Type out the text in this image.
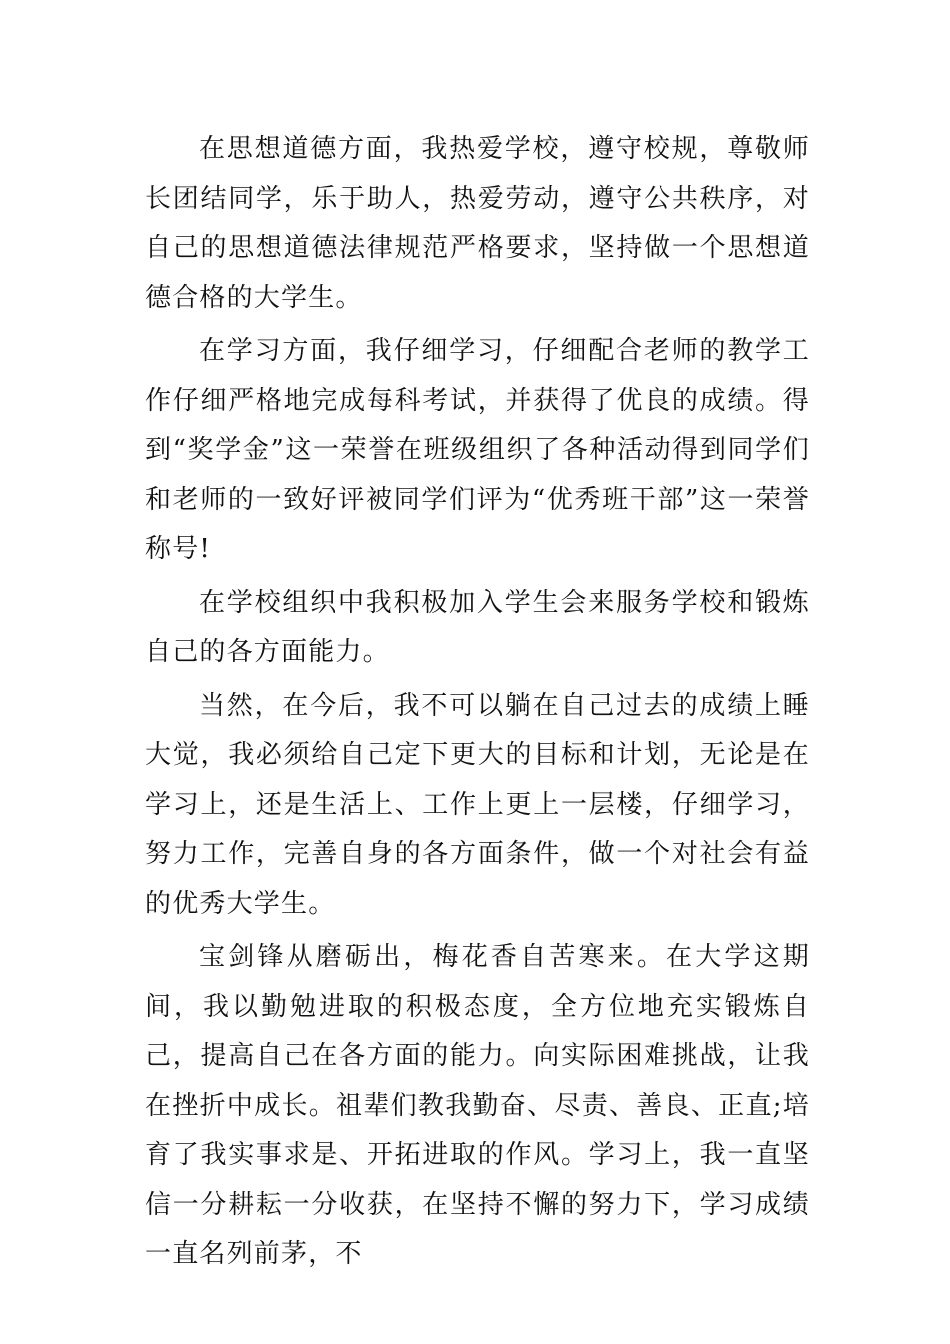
在思想道德方面，我热爱学校，遵守校规，尊敬师长团结同学，乐于助人，热爱劳动，遵守公共秩序，对自己的思想道德法律规范严格要求，坚持做一个思想道德合格的大学生。

在学习方面，我仔细学习，仔细配合老师的教学工作仔细严格地完成每科考试，并获得了优良的成绩。得到“奖学金”这一荣誉在班级组织了各种活动得到同学们和老师的一致好评被同学们评为“优秀班干部”这一荣誉称号!

在学校组织中我积极加入学生会来服务学校和锻炼自己的各方面能力。

当然，在今后，我不可以躺在自己过去的成绩上睡大觉，我必须给自己定下更大的目标和计划，无论是在学习上，还是生活上、工作上更上一层楼，仔细学习，努力工作，完善自身的各方面条件，做一个对社会有益的优秀大学生。

宝剑锋从磨砺出，梅花香自苦寒来。在大学这期间，我以勤勉进取的积极态度，全方位地充实锻炼自己，提高自己在各方面的能力。向实际困难挑战，让我在挫折中成长。祖辈们教我勤奋、尽责、善良、正直;培育了我实事求是、开拓进取的作风。学习上，我一直坚信一分耕耘一分收获，在坚持不懈的努力下，学习成绩一直名列前茅，不
